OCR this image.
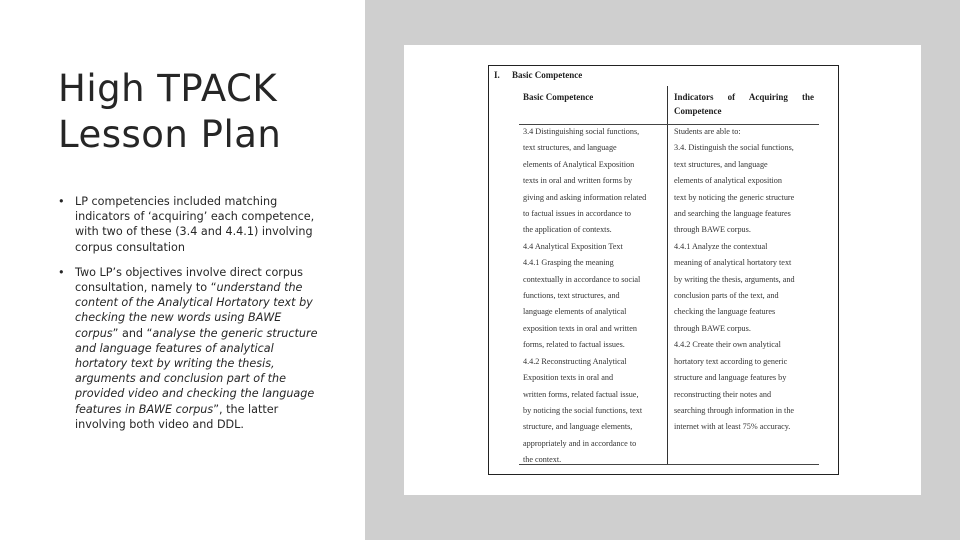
High TPACK
Lesson Plan
• LP competencies included matching indicators of ‘acquiring’ each competence, with two of these (3.4 and 4.4.1) involving corpus consultation
• Two LP’s objectives involve direct corpus consultation, namely to “understand the content of the Analytical Hortatory text by checking the new words using BAWE corpus” and “analyse the generic structure and language features of analytical hortatory text by writing the thesis, arguments and conclusion part of the provided video and checking the language features in BAWE corpus”, the latter involving both video and DDL.
I. Basic Competence
Basic Competence	Indicators of Acquiring the
Competence
3.4 Distinguishing social functions,
text structures, and language
elements of Analytical Exposition
texts in oral and written forms by
giving and asking information related
to factual issues in accordance to
the application of contexts.
4.4 Analytical Exposition Text
4.4.1 Grasping the meaning
contextually in accordance to social
functions, text structures, and
language elements of analytical
exposition texts in oral and written
forms, related to factual issues.
4.4.2 Reconstructing Analytical
Exposition texts in oral and
written forms, related factual issue,
by noticing the social functions, text
structure, and language elements,
appropriately and in accordance to
the context.
Students are able to:
3.4. Distinguish the social functions,
text structures, and language
elements of analytical exposition
text by noticing the generic structure
and searching the language features
through BAWE corpus.
4.4.1 Analyze the contextual
meaning of analytical hortatory text
by writing the thesis, arguments, and
conclusion parts of the text, and
checking the language features
through BAWE corpus.
4.4.2 Create their own analytical
hortatory text according to generic
structure and language features by
reconstructing their notes and
searching through information in the
internet with at least 75% accuracy.
